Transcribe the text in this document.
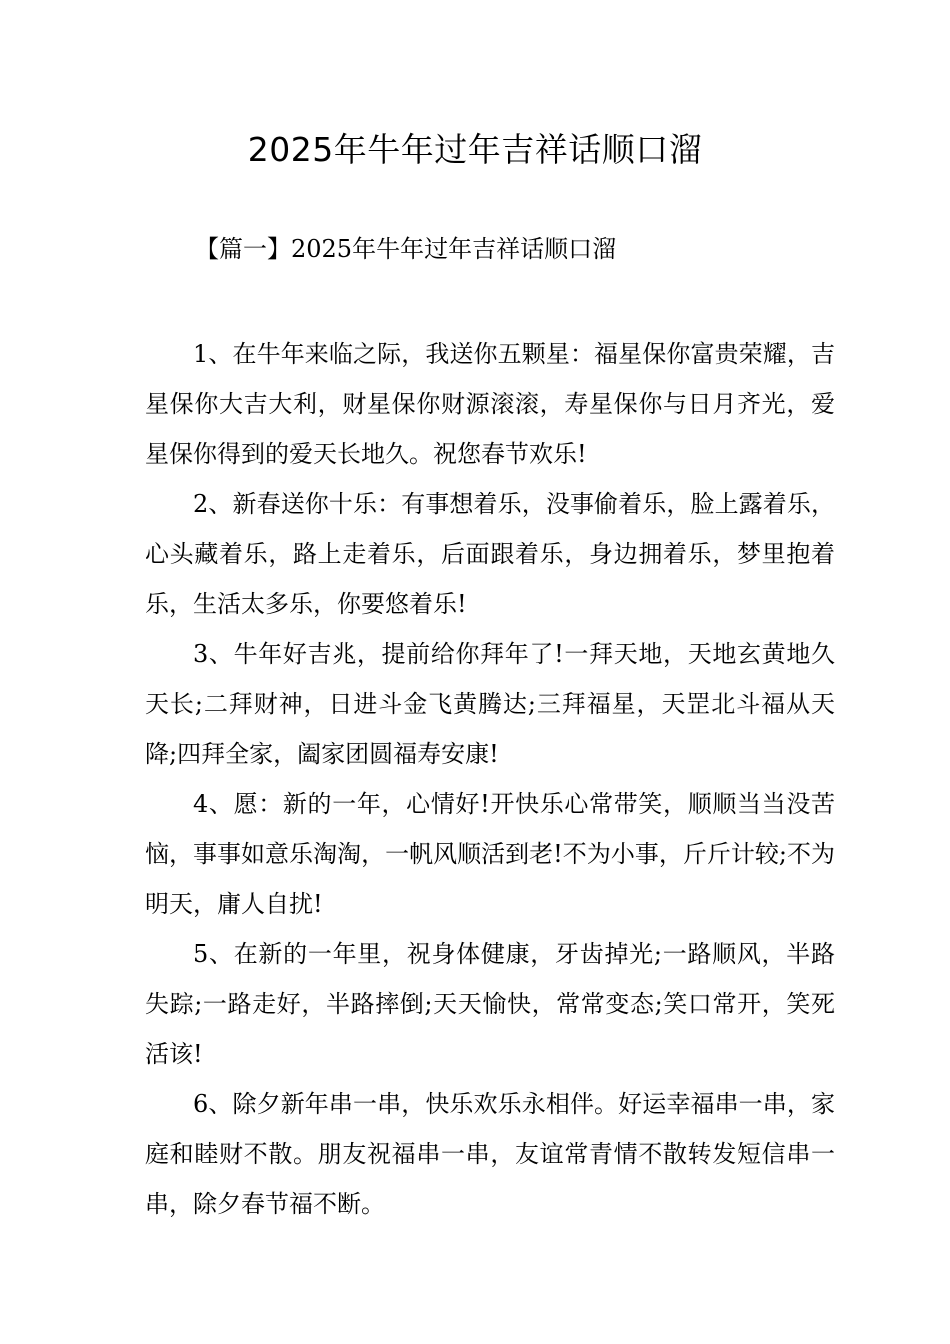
2025年牛年过年吉祥话顺口溜
【篇一】2025年牛年过年吉祥话顺口溜

1、在牛年来临之际，我送你五颗星：福星保你富贵荣耀，吉星保你大吉大利，财星保你财源滚滚，寿星保你与日月齐光，爱星保你得到的爱天长地久。祝您春节欢乐!

2、新春送你十乐：有事想着乐，没事偷着乐，脸上露着乐，心头藏着乐，路上走着乐，后面跟着乐，身边拥着乐，梦里抱着乐，生活太多乐，你要悠着乐!

3、牛年好吉兆，提前给你拜年了!一拜天地，天地玄黄地久天长;二拜财神，日进斗金飞黄腾达;三拜福星，天罡北斗福从天降;四拜全家，阖家团圆福寿安康!

4、愿：新的一年，心情好!开快乐心常带笑，顺顺当当没苦恼，事事如意乐淘淘，一帆风顺活到老!不为小事，斤斤计较;不为明天，庸人自扰!

5、在新的一年里，祝身体健康，牙齿掉光;一路顺风，半路失踪;一路走好，半路摔倒;天天愉快，常常变态;笑口常开，笑死活该!

6、除夕新年串一串，快乐欢乐永相伴。好运幸福串一串，家庭和睦财不散。朋友祝福串一串，友谊常青情不散转发短信串一串，除夕春节福不断。
